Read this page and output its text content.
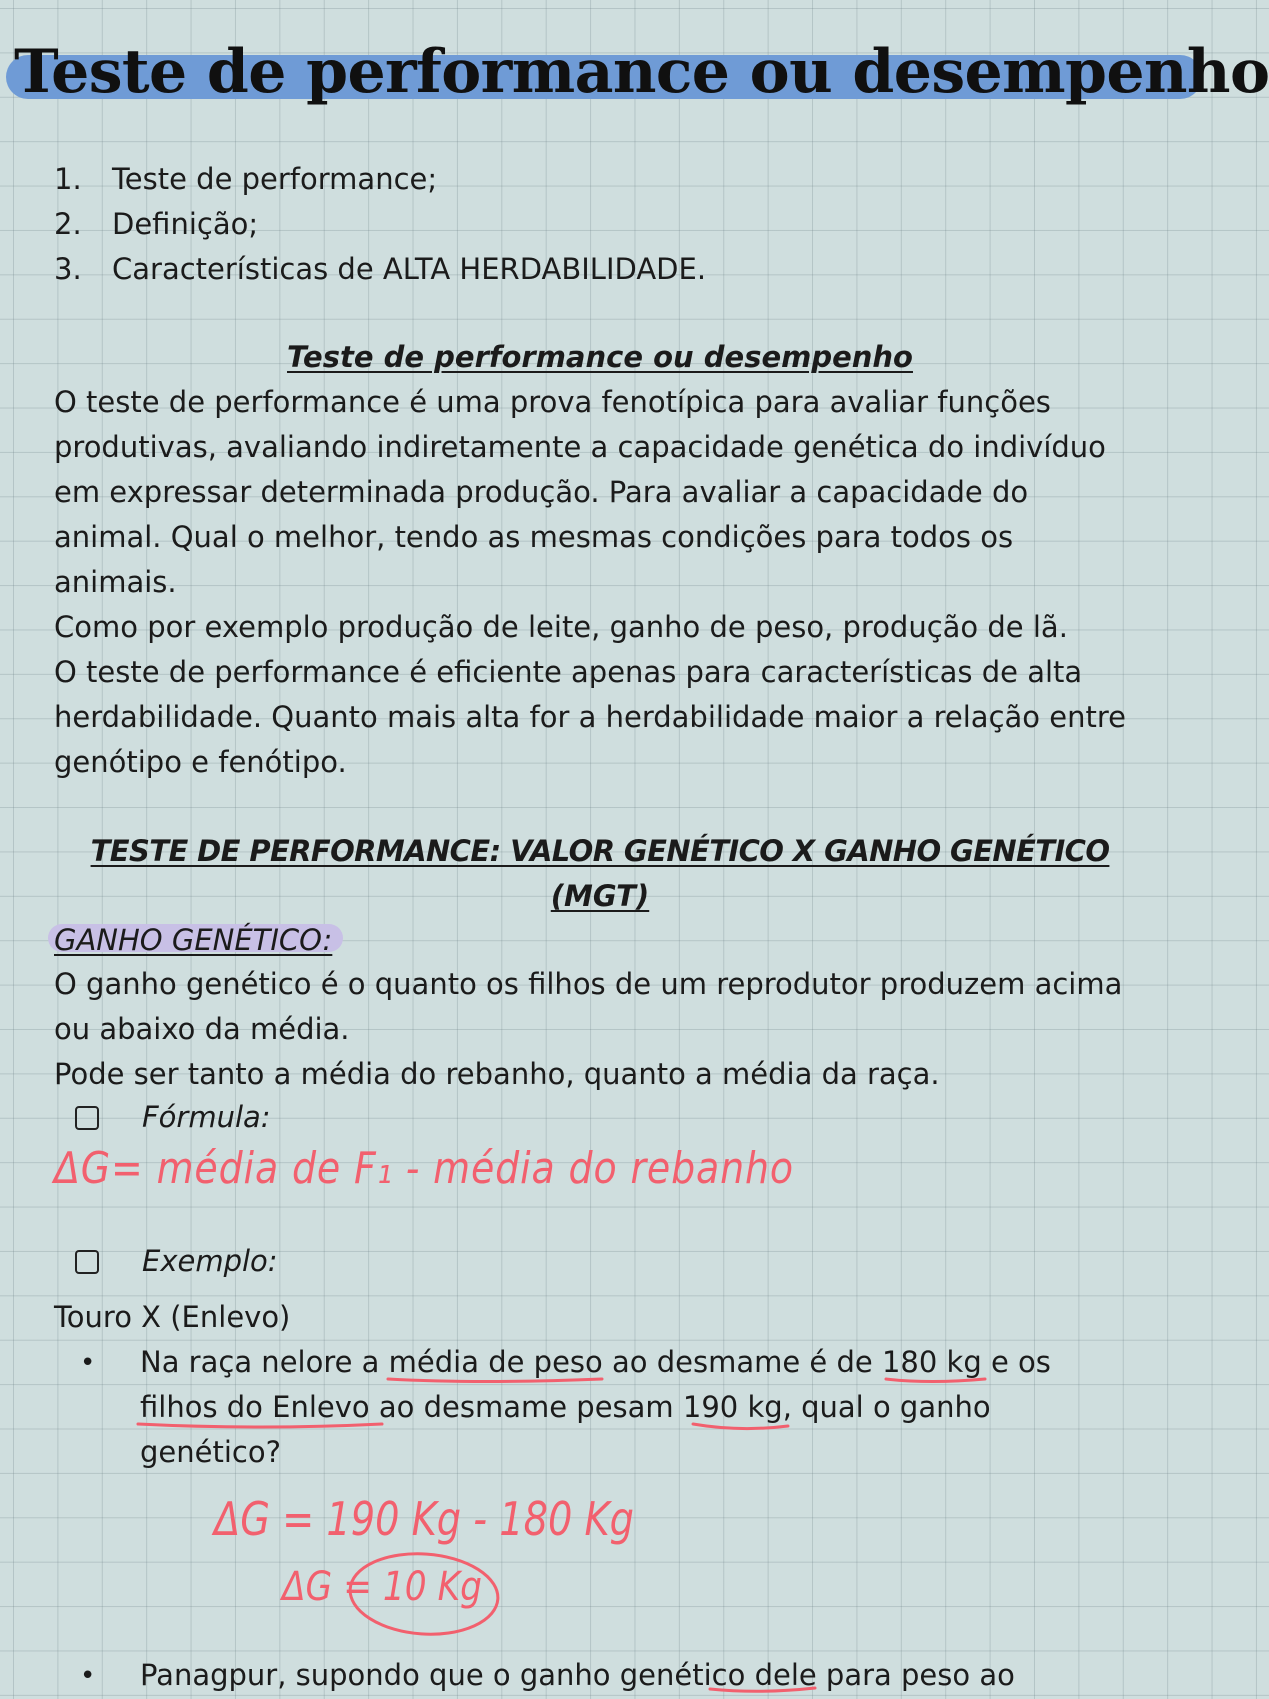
Teste de performance ou desempenho
1. Teste de performance;
2. Definição;
3. Características de ALTA HERDABILIDADE.
Teste de performance ou desempenho
O teste de performance é uma prova fenotípica para avaliar funções
produtivas, avaliando indiretamente a capacidade genética do indivíduo
em expressar determinada produção. Para avaliar a capacidade do
animal. Qual o melhor, tendo as mesmas condições para todos os
animais.
Como por exemplo produção de leite, ganho de peso, produção de lã.
O teste de performance é eficiente apenas para características de alta
herdabilidade. Quanto mais alta for a herdabilidade maior a relação entre
genótipo e fenótipo.
TESTE DE PERFORMANCE: VALOR GENÉTICO X GANHO GENÉTICO
(MGT)
GANHO GENÉTICO:
O ganho genético é o quanto os filhos de um reprodutor produzem acima
ou abaixo da média.
Pode ser tanto a média do rebanho, quanto a média da raça.
Fórmula:
ΔG= média de F₁ - média do rebanho
Exemplo:
Touro X (Enlevo)
• Na raça nelore a média de peso ao desmame é de 180 kg e os
filhos do Enlevo ao desmame pesam 190 kg, qual o ganho
genético?
ΔG = 190 Kg - 180 Kg
ΔG = 10 Kg
• Panagpur, supondo que o ganho genético dele para peso ao
